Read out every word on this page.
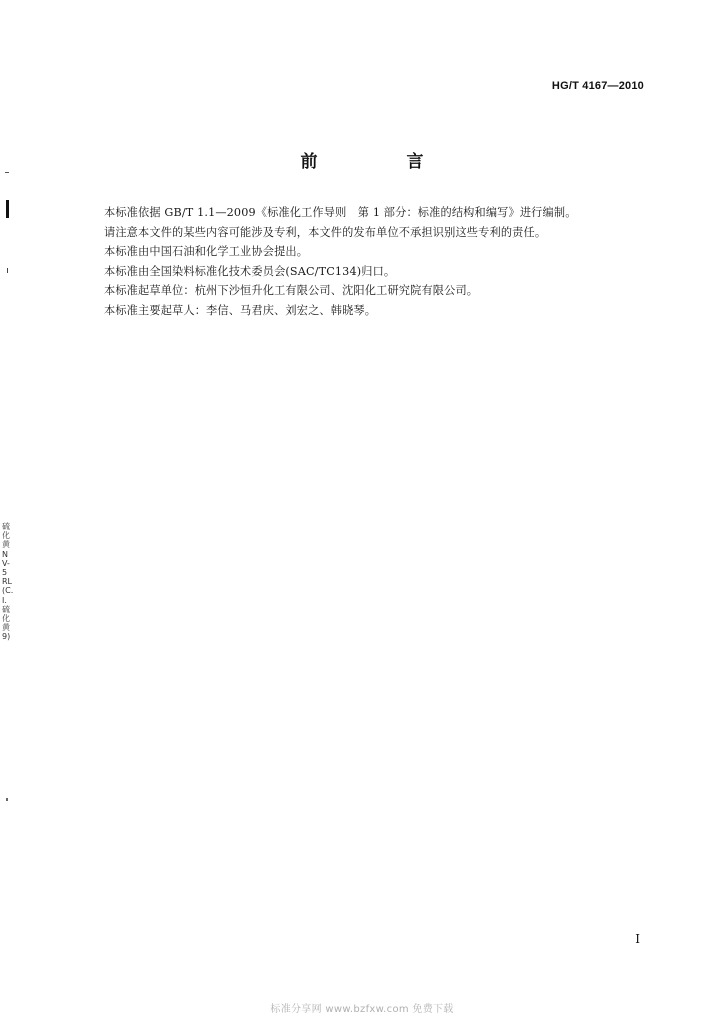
HG/T 4167—2010
前　言
本标准依据 GB/T 1.1—2009《标准化工作导则　第 1 部分：标准的结构和编写》进行编制。
请注意本文件的某些内容可能涉及专利，本文件的发布单位不承担识别这些专利的责任。
本标准由中国石油和化学工业协会提出。
本标准由全国染料标准化技术委员会(SAC/TC134)归口。
本标准起草单位：杭州下沙恒升化工有限公司、沈阳化工研究院有限公司。
本标准主要起草人：李信、马君庆、刘宏之、韩晓琴。
硫化黄NV-5RL(C.I.硫化黄9)
I
标准分享网 www.bzfxw.com 免费下载
